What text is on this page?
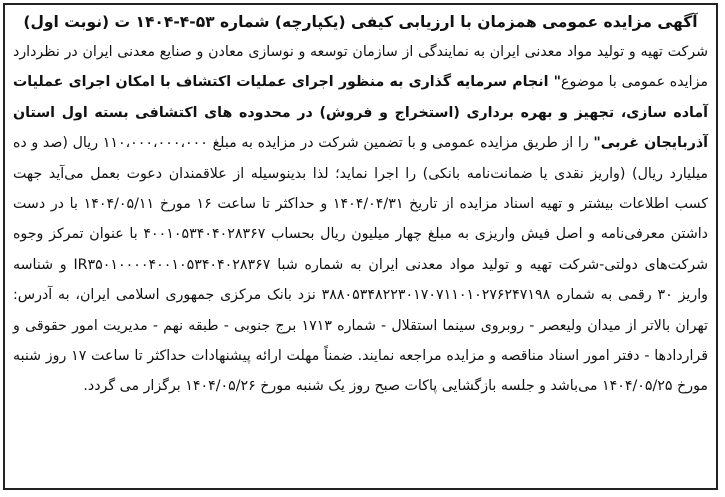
آگهی مزایده عمومی همزمان با ارزیابی کیفی (یکپارچه) شماره ۵۳-۴-۱۴۰۴ ت (نوبت اول)

شرکت تهیه و تولید مواد معدنی ایران به نمایندگی از سازمان توسعه و نوسازی معادن و صنایع معدنی ایران در نظردارد مزایده عمومی با موضوع" انجام سرمایه گذاری به منظور اجرای عملیات اکتشاف با امکان اجرای عملیات آماده سازی، تجهیز و بهره برداری (استخراج و فروش) در محدوده های اکتشافی بسته اول استان آذربایجان غربی" را از طریق مزایده عمومی و با تضمین شرکت در مزایده به مبلغ ۱۱۰،۰۰۰،۰۰۰،۰۰۰ ریال (صد و ده میلیارد ریال) (واریز نقدی یا ضمانت‌نامه بانکی) را اجرا نماید؛ لذا بدینوسیله از علاقمندان دعوت بعمل می‌آید جهت کسب اطلاعات بیشتر و تهیه اسناد مزایده از تاریخ ۱۴۰۴/۰۴/۳۱ و حداکثر تا ساعت ۱۶ مورخ ۱۴۰۴/۰۵/۱۱ با در دست داشتن معرفی‌نامه و اصل فیش واریزی به مبلغ چهار میلیون ریال بحساب ۴۰۰۱۰۵۳۴۰۴۰۲۸۳۶۷ با عنوان تمرکز وجوه شرکت‌های دولتی-شرکت تهیه و تولید مواد معدنی ایران به شماره شبا IR۳۵۰۱۰۰۰۰۴۰۰۱۰۵۳۴۰۴۰۲۸۳۶۷ و شناسه واریز ۳۰ رقمی به شماره ۳۸۸۰۵۳۴۸۲۲۳۰۱۷۰۷۱۱۰۱۰۲۷۶۲۴۷۱۹۸ نزد بانک مرکزی جمهوری اسلامی ایران، به آدرس: تهران بالاتر از میدان ولیعصر - روبروی سینما استقلال - شماره ۱۷۱۳ برج جنوبی - طبقه نهم - مدیریت امور حقوقی و قراردادها - دفتر امور اسناد مناقصه و مزایده مراجعه نمایند. ضمناً مهلت ارائه پیشنهادات حداکثر تا ساعت ۱۷ روز شنبه مورخ ۱۴۰۴/۰۵/۲۵ می‌باشد و جلسه بازگشایی پاکات صبح روز یک شنبه مورخ ۱۴۰۴/۰۵/۲۶ برگزار می گردد.
